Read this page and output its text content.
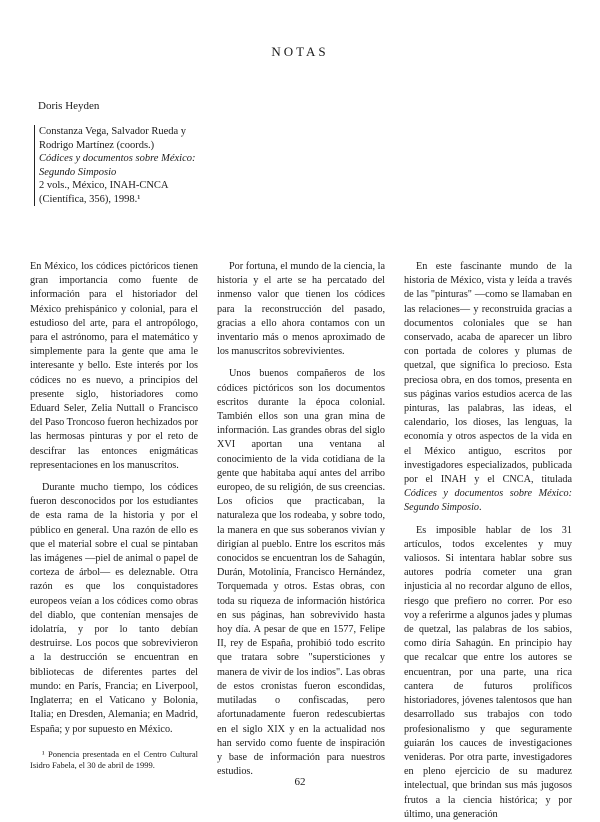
NOTAS
Doris Heyden
Constanza Vega, Salvador Rueda y
Rodrigo Martínez (coords.)
Códices y documentos sobre México:
Segundo Simposio
2 vols., México, INAH-CNCA
(Científica, 356), 1998.¹

En México, los códices pictóricos tienen gran importancia como fuente de información para el historiador del México prehispánico y colonial, para el estudioso del arte, para el antropólogo, para el astrónomo, para el matemático y simplemente para la gente que ama le interesante y bello. Este interés por los códices no es nuevo, a principios del presente siglo, historiadores como Eduard Seler, Zelia Nuttall o Francisco del Paso Troncoso fueron hechizados por las hermosas pinturas y por el reto de descifrar las entonces enigmáticas representaciones en los manuscritos.

Durante mucho tiempo, los códices fueron desconocidos por los estudiantes de esta rama de la historia y por el público en general. Una razón de ello es que el material sobre el cual se pintaban las imágenes —piel de animal o papel de corteza de árbol— es deleznable. Otra razón es que los conquistadores europeos veían a los códices como obras del diablo, que contenían mensajes de idolatría, y por lo tanto debían destruirse. Los pocos que sobrevivieron a la destrucción se encuentran en bibliotecas de diferentes partes del mundo: en París, Francia; en Liverpool, Inglaterra; en el Vaticano y Bolonia, Italia; en Dresden, Alemania; en Madrid, España; y por supuesto en México.

¹ Ponencia presentada en el Centro Cultural Isidro Fabela, el 30 de abril de 1999.

Por fortuna, el mundo de la ciencia, la historia y el arte se ha percatado del inmenso valor que tienen los códices para la reconstrucción del pasado, gracias a ello ahora contamos con un inventario más o menos aproximado de los manuscritos sobrevivientes.

Unos buenos compañeros de los códices pictóricos son los documentos escritos durante la época colonial. También ellos son una gran mina de información. Las grandes obras del siglo XVI aportan una ventana al conocimiento de la vida cotidiana de la gente que habitaba aquí antes del arribo europeo, de su religión, de sus creencias. Los oficios que practicaban, la naturaleza que los rodeaba, y sobre todo, la manera en que sus soberanos vivían y dirigían al pueblo. Entre los escritos más conocidos se encuentran los de Sahagún, Durán, Motolinía, Francisco Hernández, Torquemada y otros. Estas obras, con toda su riqueza de información histórica en sus páginas, han sobrevivido hasta hoy día. A pesar de que en 1577, Felipe II, rey de España, prohibió todo escrito que tratara sobre "supersticiones y manera de vivir de los indios". Las obras de estos cronistas fueron escondidas, mutiladas o confiscadas, pero afortunadamente fueron redescubiertas en el siglo XIX y en la actualidad nos han servido como fuente de inspiración y base de información para nuestros estudios.

En este fascinante mundo de la historia de México, vista y leída a través de las "pinturas" —como se llamaban en las relaciones— y reconstruida gracias a documentos coloniales que se han conservado, acaba de aparecer un libro con portada de colores y plumas de quetzal, que significa lo precioso. Esta preciosa obra, en dos tomos, presenta en sus páginas varios estudios acerca de las pinturas, las palabras, las ideas, el calendario, los dioses, las lenguas, la economía y otros aspectos de la vida en el México antiguo, escritos por investigadores especializados, publicada por el INAH y el CNCA, titulada Códices y documentos sobre México: Segundo Simposio.

Es imposible hablar de los 31 artículos, todos excelentes y muy valiosos. Si intentara hablar sobre sus autores podría cometer una gran injusticia al no recordar alguno de ellos, riesgo que prefiero no correr. Por eso voy a referirme a algunos jades y plumas de quetzal, las palabras de los sabios, como diría Sahagún. En principio hay que recalcar que entre los autores se encuentran, por una parte, una rica cantera de futuros prolíficos historiadores, jóvenes talentosos que han desarrollado sus trabajos con todo profesionalismo y que seguramente guiarán los cauces de investigaciones venideras. Por otra parte, investigadores en pleno ejercicio de su madurez intelectual, que brindan sus más jugosos frutos a la ciencia histórica; y por último, una generación

62
